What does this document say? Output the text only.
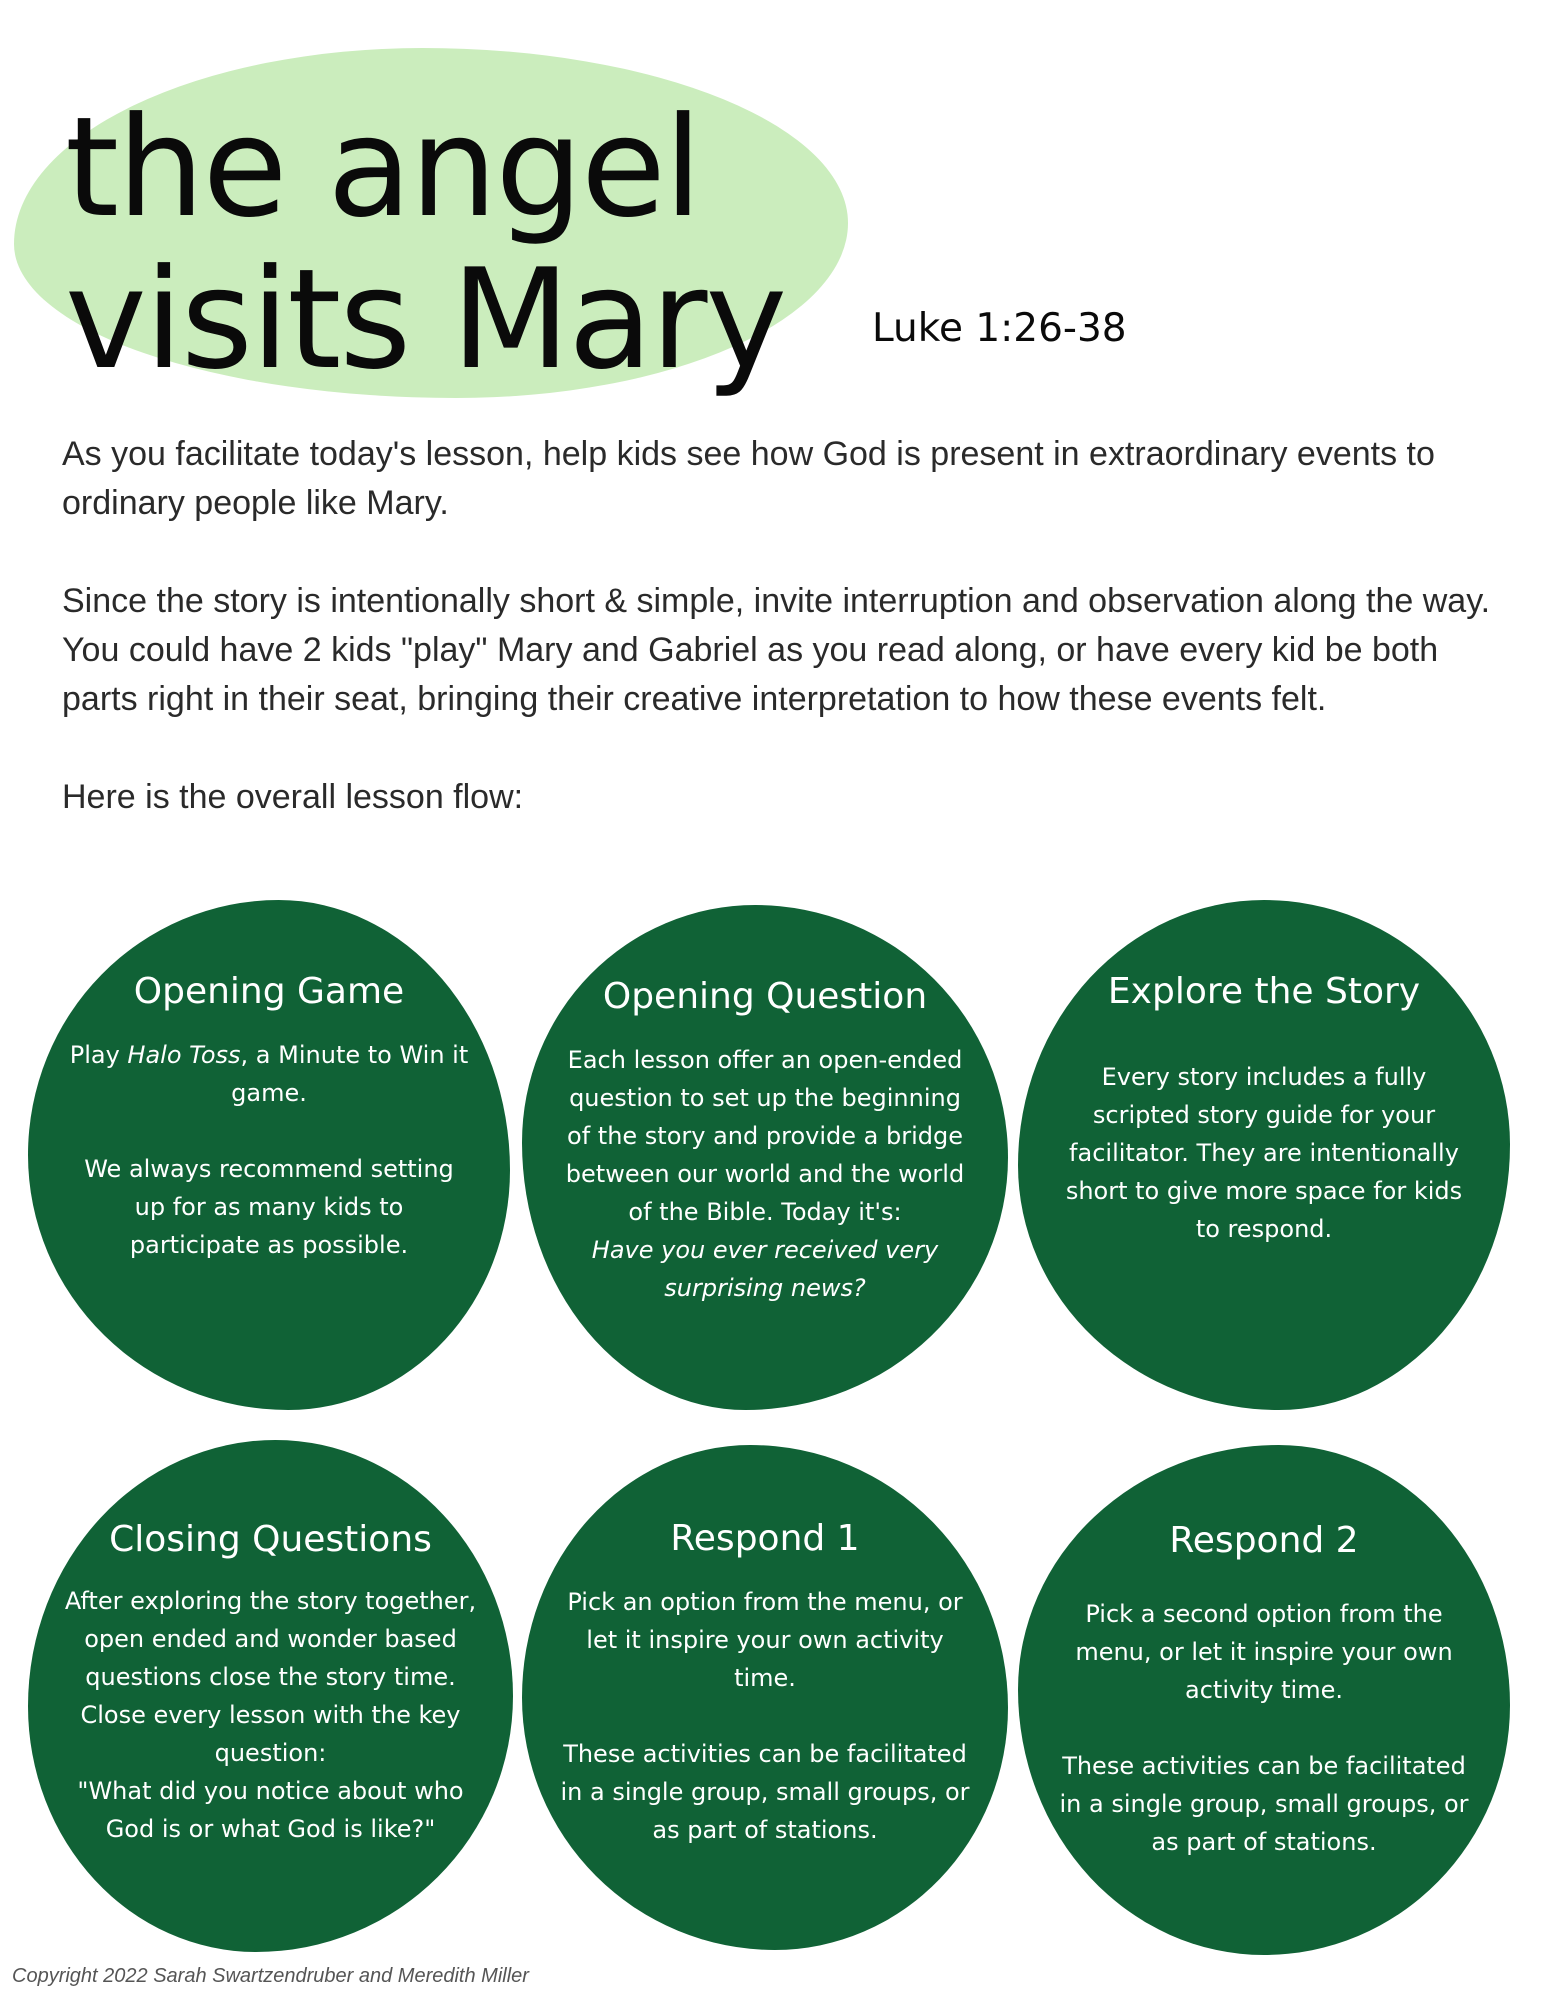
the angel
visits Mary Luke 1:26-38

As you facilitate today's lesson, help kids see how God is present in extraordinary events to ordinary people like Mary.

Since the story is intentionally short & simple, invite interruption and observation along the way. You could have 2 kids "play" Mary and Gabriel as you read along, or have every kid be both parts right in their seat, bringing their creative interpretation to how these events felt.

Here is the overall lesson flow:

Opening Game

Play Halo Toss, a Minute to Win it game.

We always recommend setting up for as many kids to participate as possible.

Opening Question

Each lesson offer an open-ended question to set up the beginning of the story and provide a bridge between our world and the world of the Bible. Today it's:

Have you ever received very surprising news?

Explore the Story

Every story includes a fully scripted story guide for your facilitator. They are intentionally short to give more space for kids to respond.

Closing Questions

After exploring the story together, open ended and wonder based questions close the story time. Close every lesson with the key question:

"What did you notice about who God is or what God is like?"

Respond 1

Pick an option from the menu, or let it inspire your own activity time.

These activities can be facilitated in a single group, small groups, or as part of stations.

Respond 2

Pick a second option from the menu, or let it inspire your own activity time.

These activities can be facilitated in a single group, small groups, or as part of stations.

Copyright 2022 Sarah Swartzendruber and Meredith Miller
